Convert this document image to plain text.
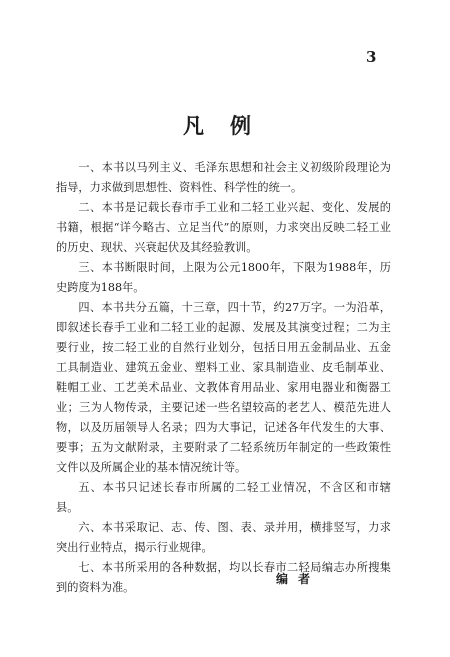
3
凡例

一、本书以马列主义、毛泽东思想和社会主义初级阶段理论为指导，力求做到思想性、资料性、科学性的统一。

二、本书是记载长春市手工业和二轻工业兴起、变化、发展的书籍，根据“详今略古、立足当代”的原则，力求突出反映二轻工业的历史、现状、兴衰起伏及其经验教训。

三、本书断限时间，上限为公元1800年，下限为1988年，历史跨度为188年。

四、本书共分五篇，十三章，四十节，约27万字。一为沿革，即叙述长春手工业和二轻工业的起源、发展及其演变过程；二为主要行业，按二轻工业的自然行业划分，包括日用五金制品业、五金工具制造业、建筑五金业、塑料工业、家具制造业、皮毛制革业、鞋帽工业、工艺美术品业、文教体育用品业、家用电器业和衡器工业；三为人物传录，主要记述一些名望较高的老艺人、模范先进人物，以及历届领导人名录；四为大事记，记述各年代发生的大事、要事；五为文献附录，主要附录了二轻系统历年制定的一些政策性文件以及所属企业的基本情况统计等。

五、本书只记述长春市所属的二轻工业情况，不含区和市辖县。

六、本书采取记、志、传、图、表、录并用，横排竖写，力求突出行业特点，揭示行业规律。

七、本书所采用的各种数据，均以长春市二轻局编志办所搜集到的资料为准。

编者
